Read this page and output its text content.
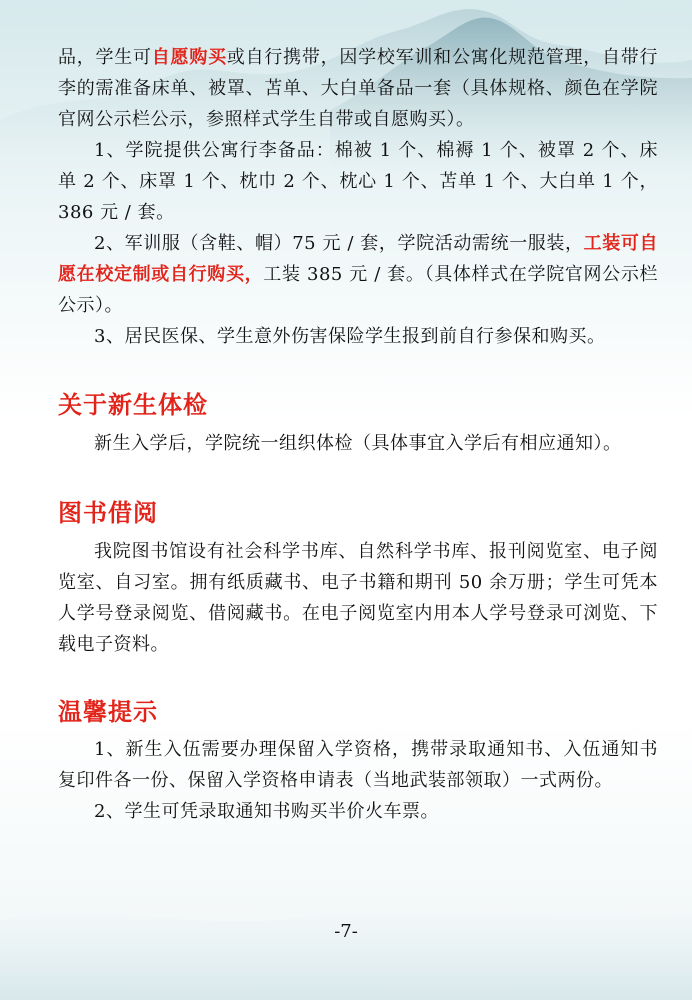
品，学生可自愿购买或自行携带，因学校军训和公寓化规范管理，自带行李的需准备床单、被罩、苫单、大白单备品一套（具体规格、颜色在学院官网公示栏公示，参照样式学生自带或自愿购买）。

1、学院提供公寓行李备品：棉被 1 个、棉褥 1 个、被罩 2 个、床单 2 个、床罩 1 个、枕巾 2 个、枕心 1 个、苫单 1 个、大白单 1 个，386 元 / 套。

2、军训服（含鞋、帽）75 元 / 套，学院活动需统一服装，工装可自愿在校定制或自行购买，工装 385 元 / 套。（具体样式在学院官网公示栏公示）。

3、居民医保、学生意外伤害保险学生报到前自行参保和购买。

关于新生体检

新生入学后，学院统一组织体检（具体事宜入学后有相应通知）。

图书借阅

我院图书馆设有社会科学书库、自然科学书库、报刊阅览室、电子阅览室、自习室。拥有纸质藏书、电子书籍和期刊 50 余万册；学生可凭本人学号登录阅览、借阅藏书。在电子阅览室内用本人学号登录可浏览、下载电子资料。

温馨提示

1、新生入伍需要办理保留入学资格，携带录取通知书、入伍通知书复印件各一份、保留入学资格申请表（当地武装部领取）一式两份。

2、学生可凭录取通知书购买半价火车票。

-7-
